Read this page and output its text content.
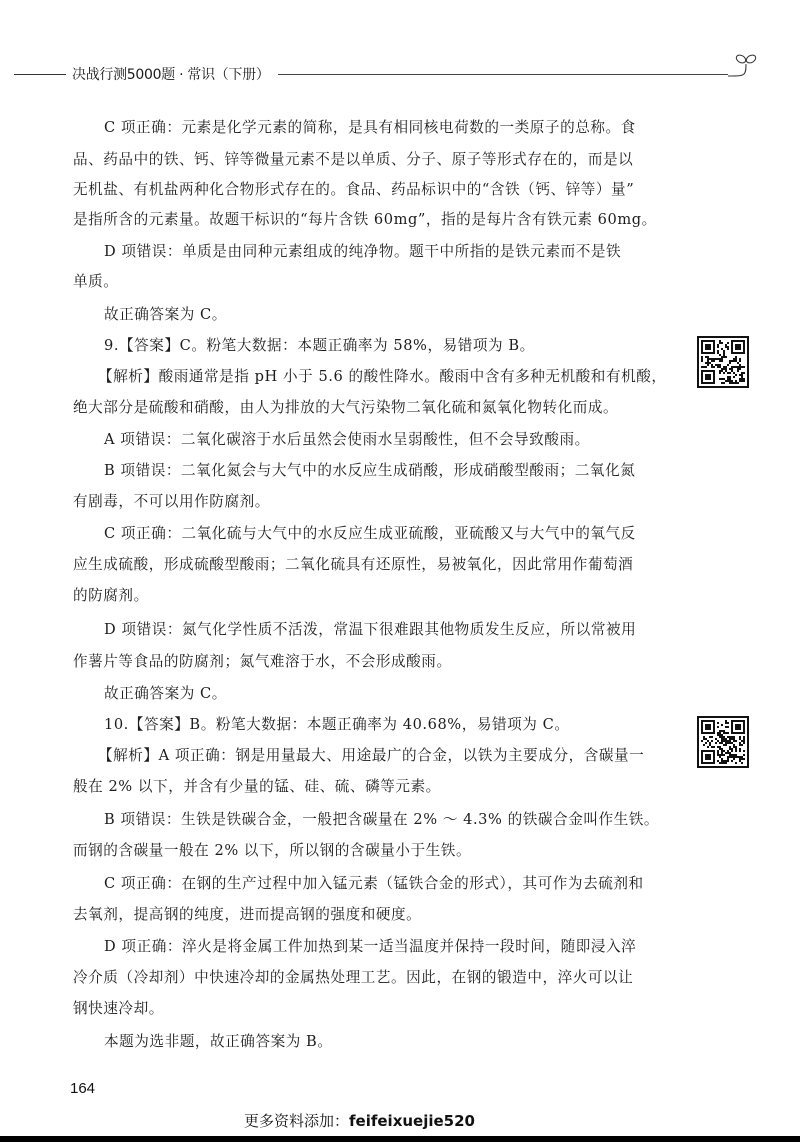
决战行测5000题 · 常识（下册）
C 项正确：元素是化学元素的简称，是具有相同核电荷数的一类原子的总称。食
品、药品中的铁、钙、锌等微量元素不是以单质、分子、原子等形式存在的，而是以
无机盐、有机盐两种化合物形式存在的。食品、药品标识中的“含铁（钙、锌等）量”
是指所含的元素量。故题干标识的“每片含铁 60mg”，指的是每片含有铁元素 60mg。
D 项错误：单质是由同种元素组成的纯净物。题干中所指的是铁元素而不是铁
单质。
故正确答案为 C。
9.【答案】C。粉笔大数据：本题正确率为 58%，易错项为 B。
【解析】酸雨通常是指 pH 小于 5.6 的酸性降水。酸雨中含有多种无机酸和有机酸，
绝大部分是硫酸和硝酸，由人为排放的大气污染物二氧化硫和氮氧化物转化而成。
A 项错误：二氧化碳溶于水后虽然会使雨水呈弱酸性，但不会导致酸雨。
B 项错误：二氧化氮会与大气中的水反应生成硝酸，形成硝酸型酸雨；二氧化氮
有剧毒，不可以用作防腐剂。
C 项正确：二氧化硫与大气中的水反应生成亚硫酸，亚硫酸又与大气中的氧气反
应生成硫酸，形成硫酸型酸雨；二氧化硫具有还原性，易被氧化，因此常用作葡萄酒
的防腐剂。
D 项错误：氮气化学性质不活泼，常温下很难跟其他物质发生反应，所以常被用
作薯片等食品的防腐剂；氮气难溶于水，不会形成酸雨。
故正确答案为 C。
10.【答案】B。粉笔大数据：本题正确率为 40.68%，易错项为 C。
【解析】A 项正确：钢是用量最大、用途最广的合金，以铁为主要成分，含碳量一
般在 2% 以下，并含有少量的锰、硅、硫、磷等元素。
B 项错误：生铁是铁碳合金，一般把含碳量在 2% ～ 4.3% 的铁碳合金叫作生铁。
而钢的含碳量一般在 2% 以下，所以钢的含碳量小于生铁。
C 项正确：在钢的生产过程中加入锰元素（锰铁合金的形式），其可作为去硫剂和
去氧剂，提高钢的纯度，进而提高钢的强度和硬度。
D 项正确：淬火是将金属工件加热到某一适当温度并保持一段时间，随即浸入淬
冷介质（冷却剂）中快速冷却的金属热处理工艺。因此，在钢的锻造中，淬火可以让
钢快速冷却。
本题为选非题，故正确答案为 B。
164
更多资料添加：feifeixuejie520
